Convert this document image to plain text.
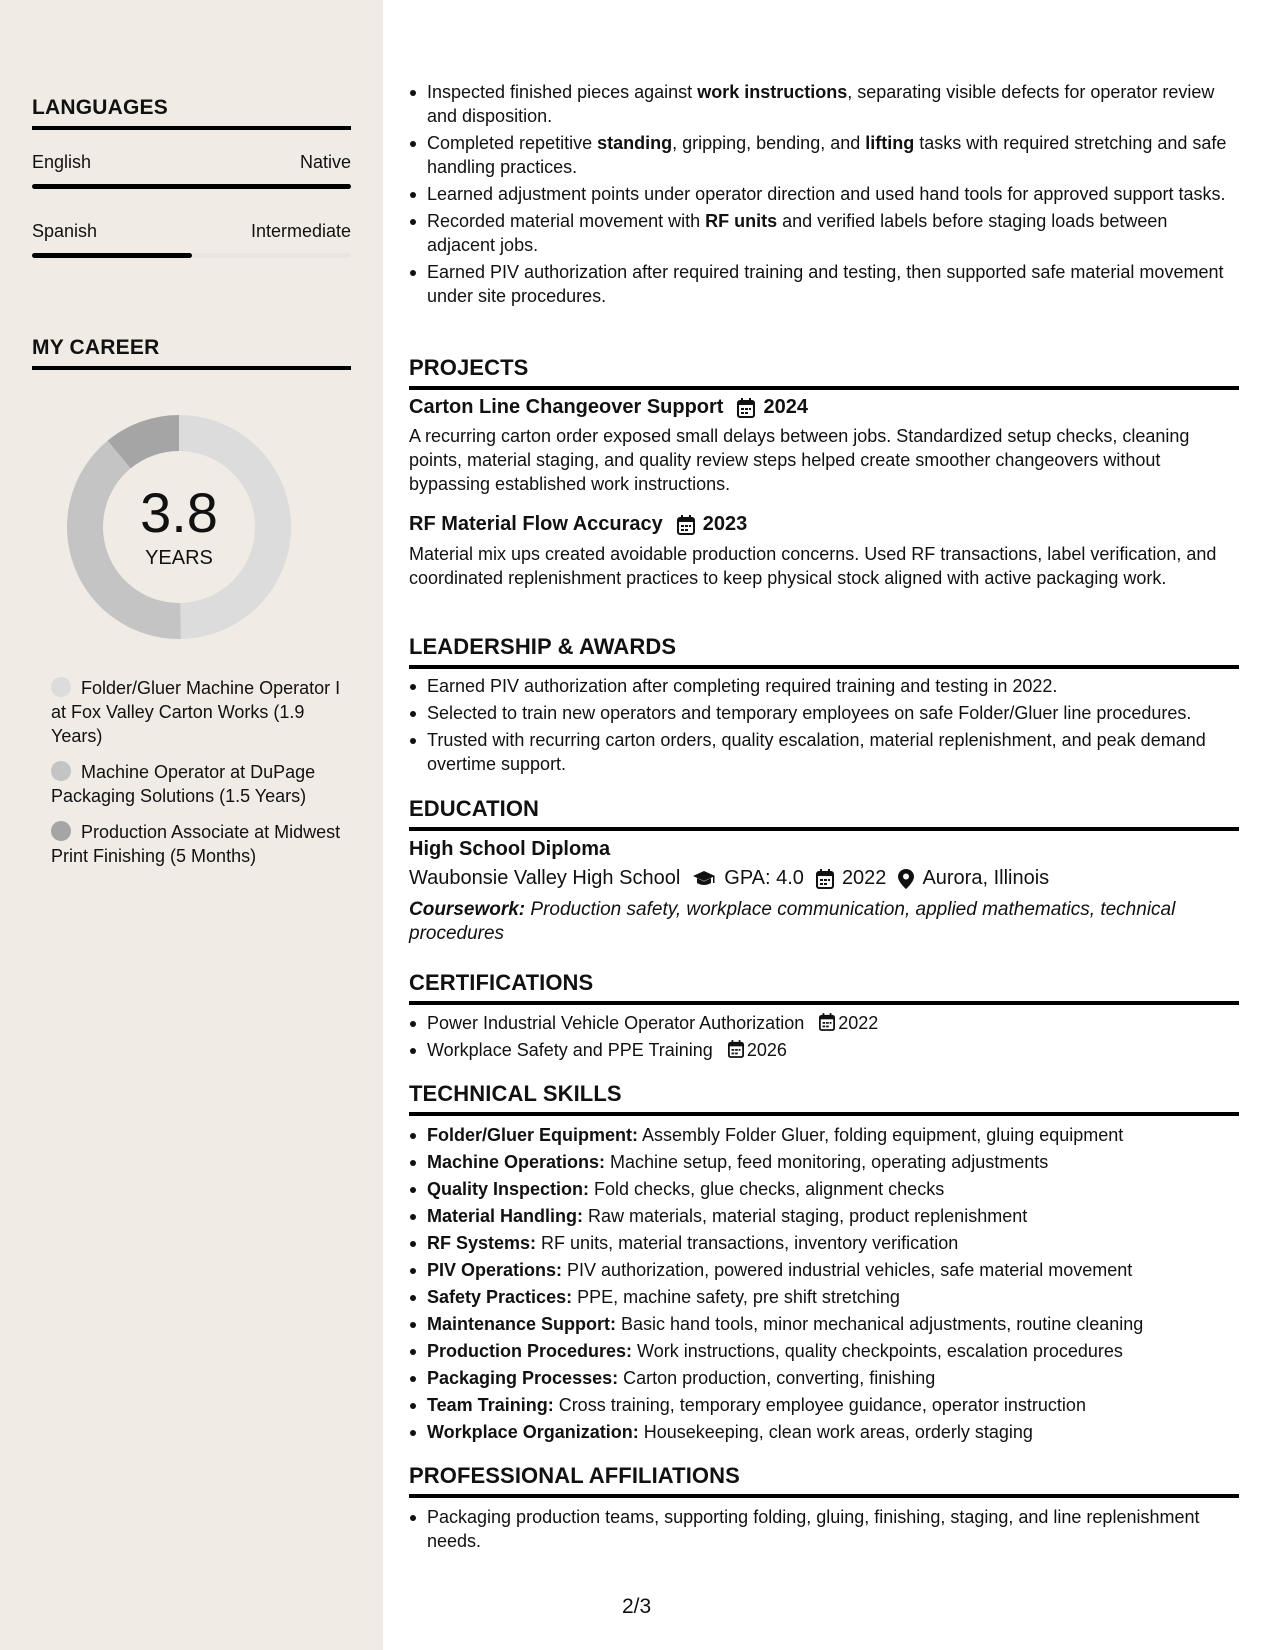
LANGUAGES
English	Native
Spanish	Intermediate
MY CAREER
3.8
YEARS
Folder/Gluer Machine Operator I at Fox Valley Carton Works (1.9 Years)
Machine Operator at DuPage Packaging Solutions (1.5 Years)
Production Associate at Midwest Print Finishing (5 Months)
Inspected finished pieces against work instructions, separating visible defects for operator review and disposition.
Completed repetitive standing, gripping, bending, and lifting tasks with required stretching and safe handling practices.
Learned adjustment points under operator direction and used hand tools for approved support tasks.
Recorded material movement with RF units and verified labels before staging loads between adjacent jobs.
Earned PIV authorization after required training and testing, then supported safe material movement under site procedures.
PROJECTS
Carton Line Changeover Support 2024
A recurring carton order exposed small delays between jobs. Standardized setup checks, cleaning points, material staging, and quality review steps helped create smoother changeovers without bypassing established work instructions.
RF Material Flow Accuracy 2023
Material mix ups created avoidable production concerns. Used RF transactions, label verification, and coordinated replenishment practices to keep physical stock aligned with active packaging work.
LEADERSHIP & AWARDS
Earned PIV authorization after completing required training and testing in 2022.
Selected to train new operators and temporary employees on safe Folder/Gluer line procedures.
Trusted with recurring carton orders, quality escalation, material replenishment, and peak demand overtime support.
EDUCATION
High School Diploma
Waubonsie Valley High School GPA: 4.0 2022 Aurora, Illinois
Coursework: Production safety, workplace communication, applied mathematics, technical procedures
CERTIFICATIONS
Power Industrial Vehicle Operator Authorization 2022
Workplace Safety and PPE Training 2026
TECHNICAL SKILLS
Folder/Gluer Equipment: Assembly Folder Gluer, folding equipment, gluing equipment
Machine Operations: Machine setup, feed monitoring, operating adjustments
Quality Inspection: Fold checks, glue checks, alignment checks
Material Handling: Raw materials, material staging, product replenishment
RF Systems: RF units, material transactions, inventory verification
PIV Operations: PIV authorization, powered industrial vehicles, safe material movement
Safety Practices: PPE, machine safety, pre shift stretching
Maintenance Support: Basic hand tools, minor mechanical adjustments, routine cleaning
Production Procedures: Work instructions, quality checkpoints, escalation procedures
Packaging Processes: Carton production, converting, finishing
Team Training: Cross training, temporary employee guidance, operator instruction
Workplace Organization: Housekeeping, clean work areas, orderly staging
PROFESSIONAL AFFILIATIONS
Packaging production teams, supporting folding, gluing, finishing, staging, and line replenishment needs.
2/3
